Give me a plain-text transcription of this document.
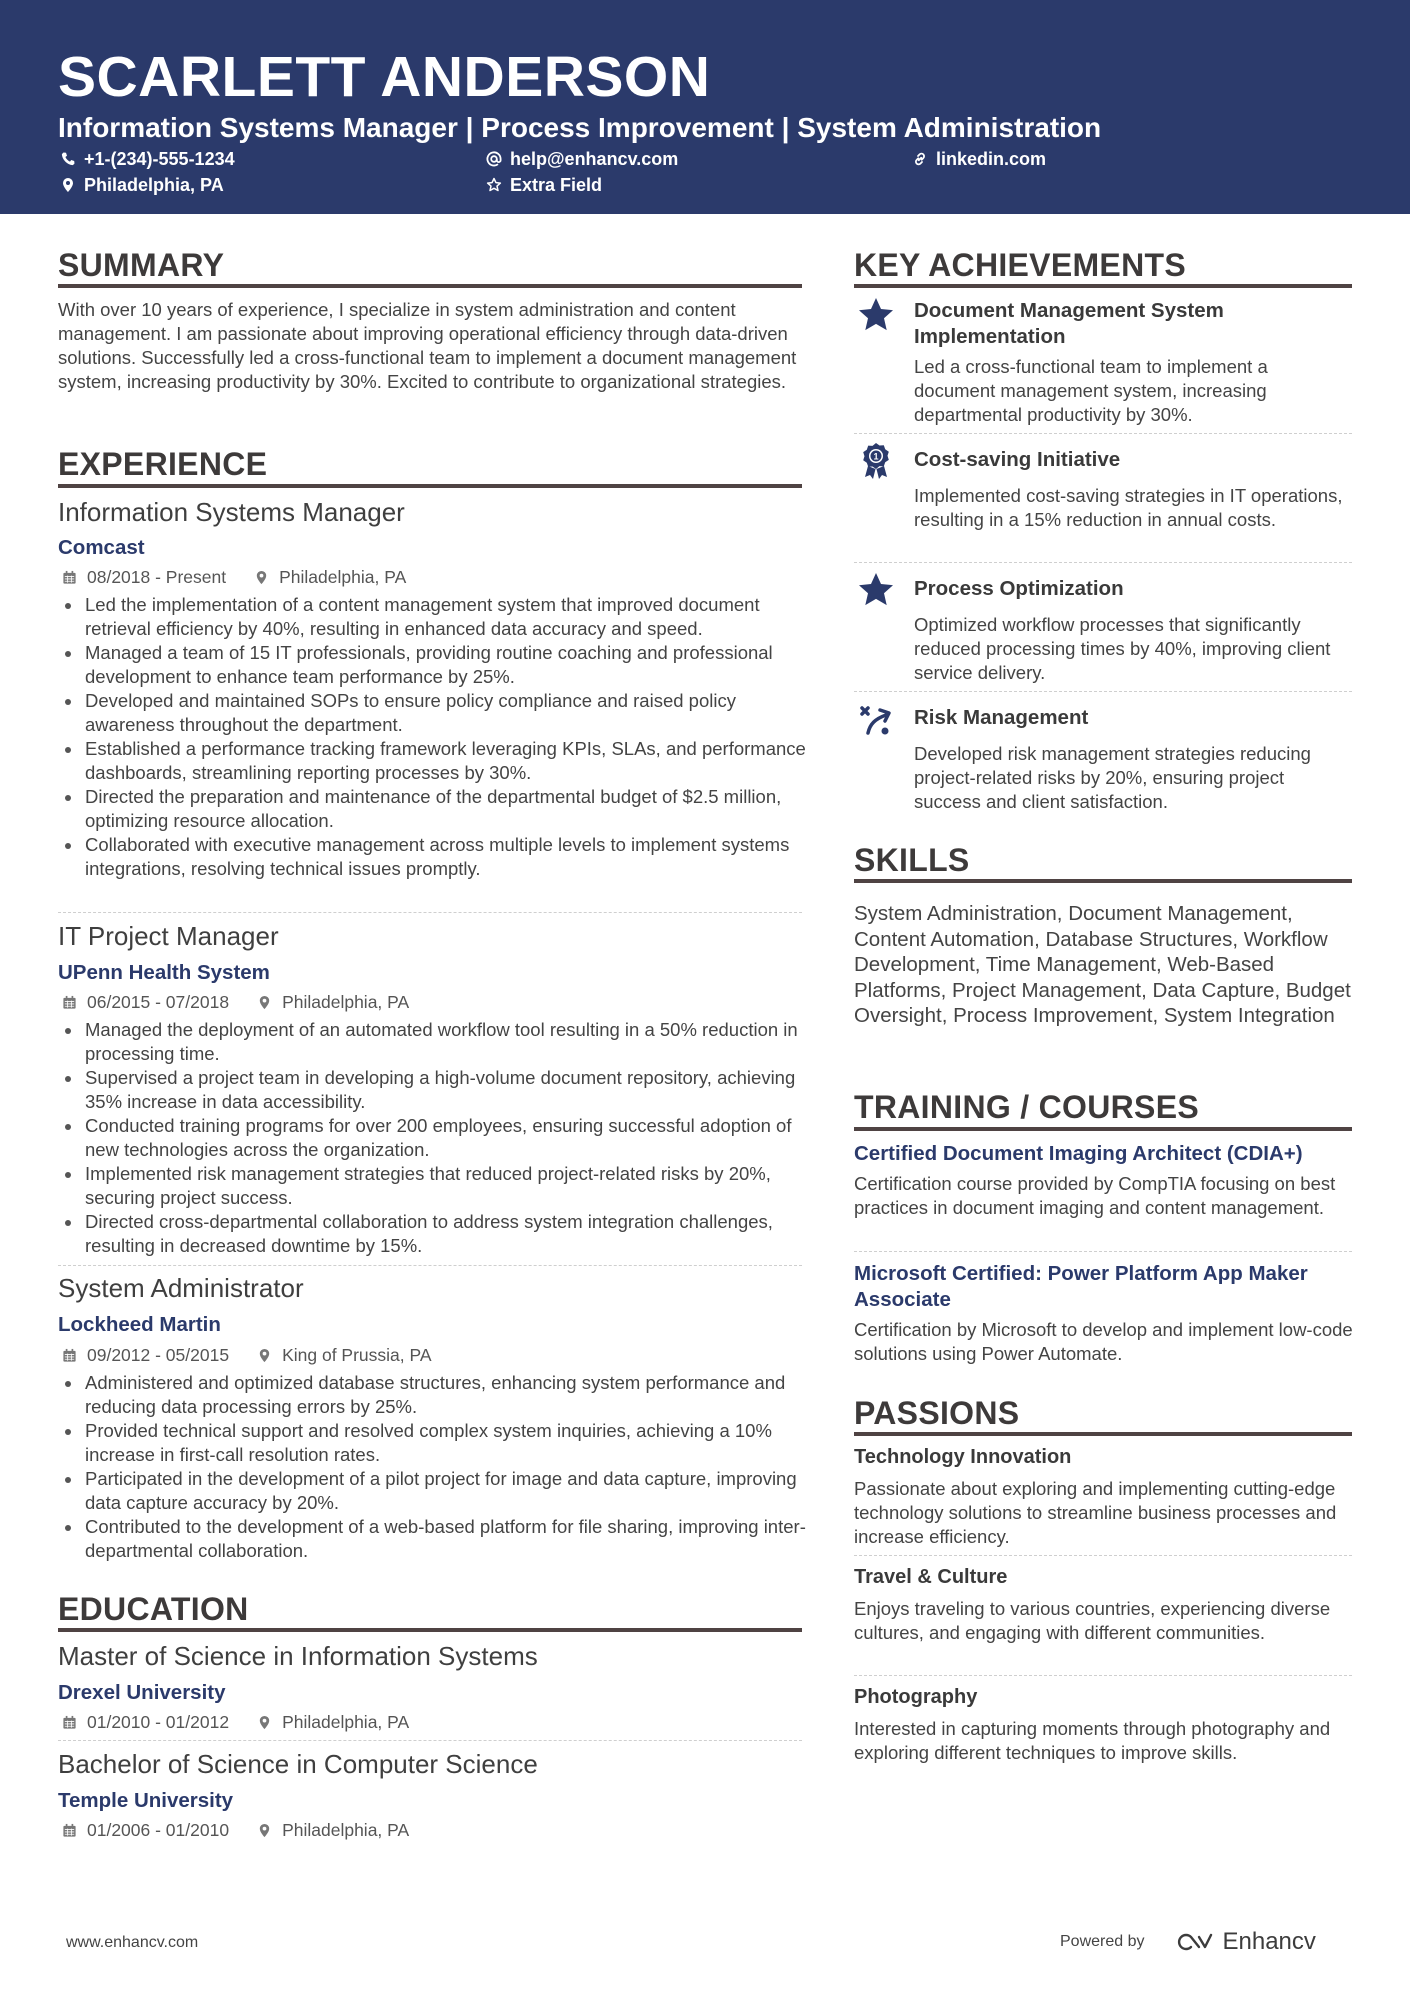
SCARLETT ANDERSON
Information Systems Manager | Process Improvement | System Administration
+1-(234)-555-1234	help@enhancv.com	linkedin.com
Philadelphia, PA	Extra Field
SUMMARY
With over 10 years of experience, I specialize in system administration and content management. I am passionate about improving operational efficiency through data-driven solutions. Successfully led a cross-functional team to implement a document management system, increasing productivity by 30%. Excited to contribute to organizational strategies.
EXPERIENCE
Information Systems Manager
Comcast
08/2018 - Present	Philadelphia, PA
Led the implementation of a content management system that improved document retrieval efficiency by 40%, resulting in enhanced data accuracy and speed.
Managed a team of 15 IT professionals, providing routine coaching and professional development to enhance team performance by 25%.
Developed and maintained SOPs to ensure policy compliance and raised policy awareness throughout the department.
Established a performance tracking framework leveraging KPIs, SLAs, and performance dashboards, streamlining reporting processes by 30%.
Directed the preparation and maintenance of the departmental budget of $2.5 million, optimizing resource allocation.
Collaborated with executive management across multiple levels to implement systems integrations, resolving technical issues promptly.
IT Project Manager
UPenn Health System
06/2015 - 07/2018	Philadelphia, PA
Managed the deployment of an automated workflow tool resulting in a 50% reduction in processing time.
Supervised a project team in developing a high-volume document repository, achieving 35% increase in data accessibility.
Conducted training programs for over 200 employees, ensuring successful adoption of new technologies across the organization.
Implemented risk management strategies that reduced project-related risks by 20%, securing project success.
Directed cross-departmental collaboration to address system integration challenges, resulting in decreased downtime by 15%.
System Administrator
Lockheed Martin
09/2012 - 05/2015	King of Prussia, PA
Administered and optimized database structures, enhancing system performance and reducing data processing errors by 25%.
Provided technical support and resolved complex system inquiries, achieving a 10% increase in first-call resolution rates.
Participated in the development of a pilot project for image and data capture, improving data capture accuracy by 20%.
Contributed to the development of a web-based platform for file sharing, improving inter-departmental collaboration.
EDUCATION
Master of Science in Information Systems
Drexel University
01/2010 - 01/2012	Philadelphia, PA
Bachelor of Science in Computer Science
Temple University
01/2006 - 01/2010	Philadelphia, PA
KEY ACHIEVEMENTS
Document Management System Implementation
Led a cross-functional team to implement a document management system, increasing departmental productivity by 30%.
1 Cost-saving Initiative
Implemented cost-saving strategies in IT operations, resulting in a 15% reduction in annual costs.
Process Optimization
Optimized workflow processes that significantly reduced processing times by 40%, improving client service delivery.
Risk Management
Developed risk management strategies reducing project-related risks by 20%, ensuring project success and client satisfaction.
SKILLS
System Administration, Document Management, Content Automation, Database Structures, Workflow Development, Time Management, Web-Based Platforms, Project Management, Data Capture, Budget Oversight, Process Improvement, System Integration
TRAINING / COURSES
Certified Document Imaging Architect (CDIA+)
Certification course provided by CompTIA focusing on best practices in document imaging and content management.
Microsoft Certified: Power Platform App Maker Associate
Certification by Microsoft to develop and implement low-code solutions using Power Automate.
PASSIONS
Technology Innovation
Passionate about exploring and implementing cutting-edge technology solutions to streamline business processes and increase efficiency.
Travel & Culture
Enjoys traveling to various countries, experiencing diverse cultures, and engaging with different communities.
Photography
Interested in capturing moments through photography and exploring different techniques to improve skills.
www.enhancv.com	Powered by	Enhancv
